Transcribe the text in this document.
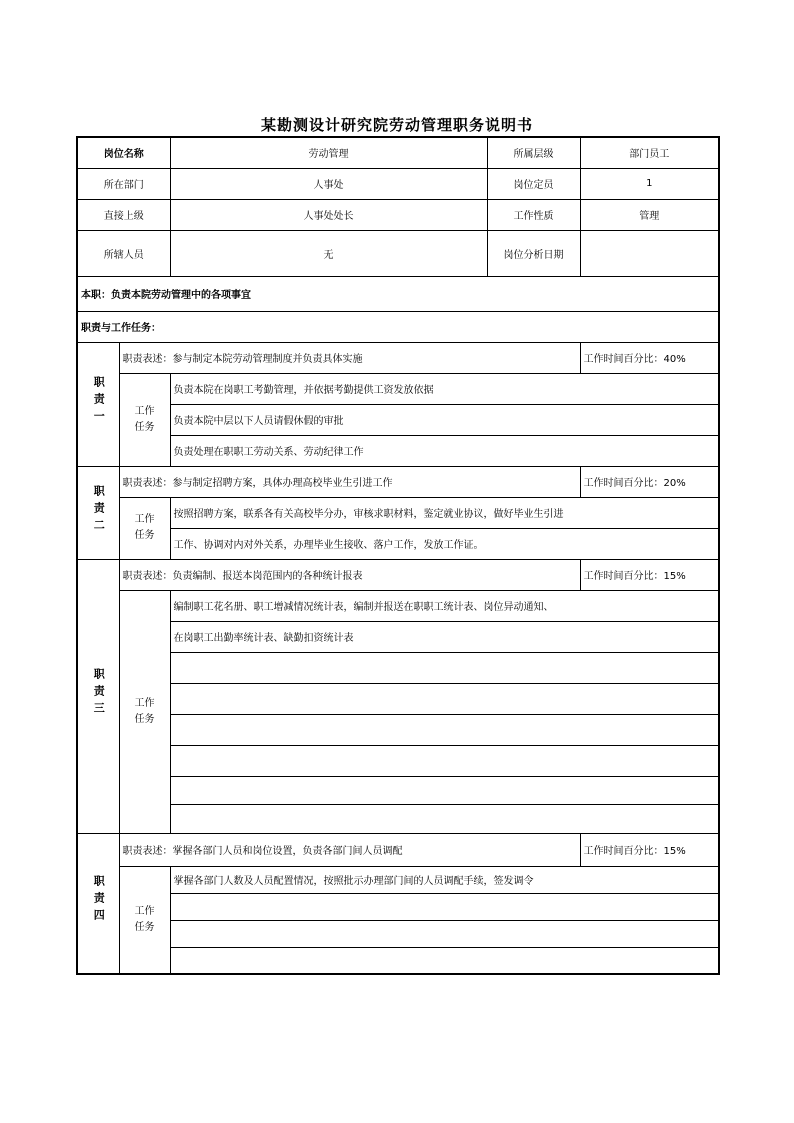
某勘测设计研究院劳动管理职务说明书
岗位名称		劳动管理	所属层级	部门员工
所在部门		人事处	岗位定员	1
直接上级		人事处处长	工作性质	管理
所辖人员		无	岗位分析日期	
本职：负责本院劳动管理中的各项事宜				
职责与工作任务：				
职责一	职责表述：参与制定本院劳动管理制度并负责具体实施			工作时间百分比：40%
	工作任务	负责本院在岗职工考勤管理，并依据考勤提供工资发放依据		
		负责本院中层以下人员请假休假的审批		
		负责处理在职职工劳动关系、劳动纪律工作		
职责二	职责表述：参与制定招聘方案，具体办理高校毕业生引进工作			工作时间百分比：20%
	工作任务	按照招聘方案，联系各有关高校毕分办，审核求职材料，鉴定就业协议，做好毕业生引进		
		工作、协调对内对外关系，办理毕业生接收、落户工作，发放工作证。		
职责三	职责表述：负责编制、报送本岗范围内的各种统计报表			工作时间百分比：15%
	工作任务	编制职工花名册、职工增减情况统计表，编制并报送在职职工统计表、岗位异动通知、		
		在岗职工出勤率统计表、缺勤扣资统计表		

职责四	职责表述：掌握各部门人员和岗位设置，负责各部门间人员调配			工作时间百分比：15%
	工作任务	掌握各部门人数及人员配置情况，按照批示办理部门间的人员调配手续，签发调令		
